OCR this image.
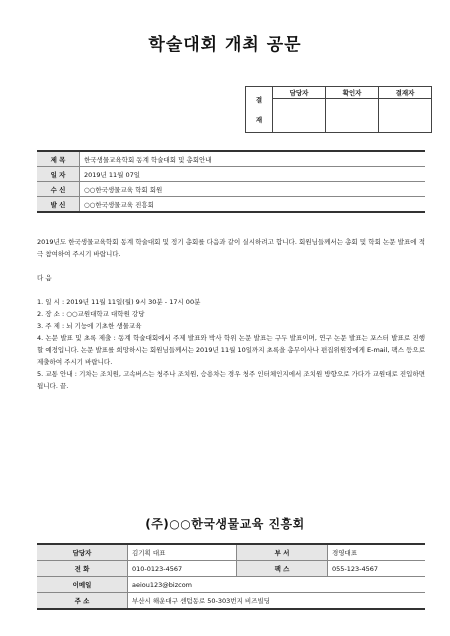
학술대회 개최 공문
결
재	담당자	확인자	결재자

제 목	한국생물교육학회 동계 학술대회 및 총회안내
일 자	2019년 11월 07일
수 신	○○한국생물교육 학회 회원
발 신	○○한국생물교육 진흥회

2019년도 한국생물교육학회 동계 학술대회 및 정기 총회를 다음과 같이 실시하려고 합니다. 회원님들께서는 총회 및 학회 논문 발표에 적극 참여하여 주시기 바랍니다.

다 음

1. 일 시 : 2019년 11월 11일(월) 9시 30분 - 17시 00분

2. 장 소 : ○○교원대학교 대학원 강당

3. 주 제 : 뇌 기능에 기초한 생물교육

4. 논문 발표 및 초록 제출 : 동계 학술대회에서 주제 발표와 박사 학위 논문 발표는 구두 발표이며, 연구 논문 발표는 포스터 발표로 진행할 예정입니다. 논문 발표를 희망하시는 회원님들께서는 2019년 11월 10일까지 초록을 총무이사나 편집위원장에게 E-mail, 팩스 등으로 제출하여 주시기 바랍니다.

5. 교통 안내 : 기차는 조치원, 고속버스는 청주나 조치원, 승용차는 경우 청주 인터체인지에서 조치원 방향으로 가다가 교원대로 진입하면 됩니다. 끝.

(주)○○한국생물교육 진흥회
담당자	김기획 대표	부 서	경영대표
전 화	010-0123-4567	팩 스	055-123-4567
이메일	aeiou123@bizcom		
주 소	부산시 해운대구 센텀동로 50-303번지 비즈빌딩		
